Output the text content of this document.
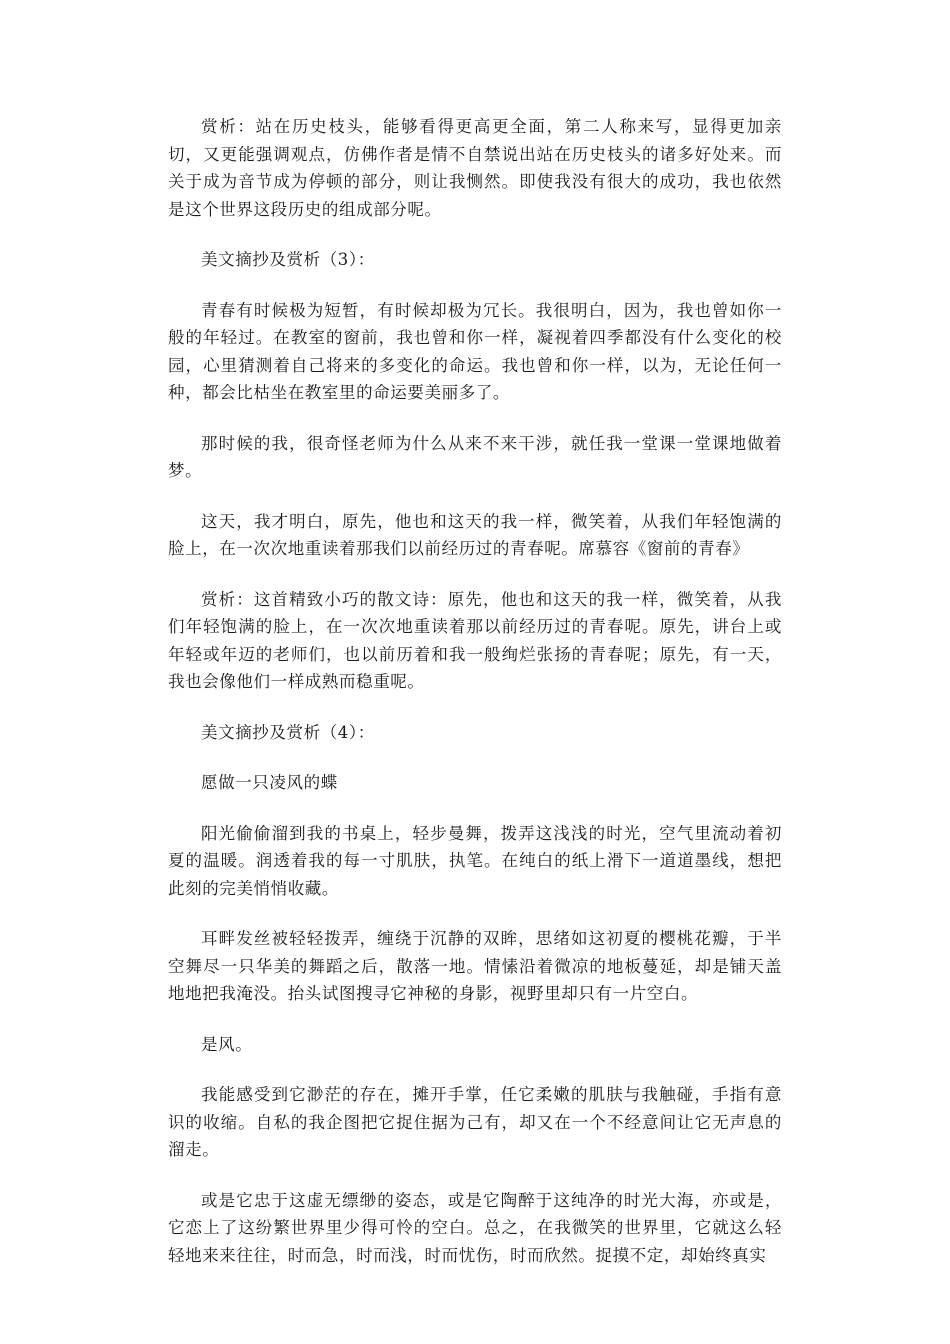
赏析：站在历史枝头，能够看得更高更全面，第二人称来写，显得更加亲切，又更能强调观点，仿佛作者是情不自禁说出站在历史枝头的诸多好处来。而关于成为音节成为停顿的部分，则让我恻然。即使我没有很大的成功，我也依然是这个世界这段历史的组成部分呢。

美文摘抄及赏析（3）：

青春有时候极为短暂，有时候却极为冗长。我很明白，因为，我也曾如你一般的年轻过。在教室的窗前，我也曾和你一样，凝视着四季都没有什么变化的校园，心里猜测着自己将来的多变化的命运。我也曾和你一样，以为，无论任何一种，都会比枯坐在教室里的命运要美丽多了。

那时候的我，很奇怪老师为什么从来不来干涉，就任我一堂课一堂课地做着梦。

这天，我才明白，原先，他也和这天的我一样，微笑着，从我们年轻饱满的脸上，在一次次地重读着那我们以前经历过的青春呢。席慕容《窗前的青春》

赏析：这首精致小巧的散文诗：原先，他也和这天的我一样，微笑着，从我们年轻饱满的脸上，在一次次地重读着那以前经历过的青春呢。原先，讲台上或年轻或年迈的老师们，也以前历着和我一般绚烂张扬的青春呢；原先，有一天，我也会像他们一样成熟而稳重呢。

美文摘抄及赏析（4）：

愿做一只凌风的蝶

阳光偷偷溜到我的书桌上，轻步曼舞，拨弄这浅浅的时光，空气里流动着初夏的温暖。润透着我的每一寸肌肤，执笔。在纯白的纸上滑下一道道墨线，想把此刻的完美悄悄收藏。

耳畔发丝被轻轻拨弄，缠绕于沉静的双眸，思绪如这初夏的樱桃花瓣，于半空舞尽一只华美的舞蹈之后，散落一地。情愫沿着微凉的地板蔓延，却是铺天盖地地把我淹没。抬头试图搜寻它神秘的身影，视野里却只有一片空白。

是风。

我能感受到它渺茫的存在，摊开手掌，任它柔嫩的肌肤与我触碰，手指有意识的收缩。自私的我企图把它捉住据为己有，却又在一个不经意间让它无声息的溜走。

或是它忠于这虚无缥缈的姿态，或是它陶醉于这纯净的时光大海，亦或是，它恋上了这纷繁世界里少得可怜的空白。总之，在我微笑的世界里，它就这么轻轻地来来往往，时而急，时而浅，时而忧伤，时而欣然。捉摸不定，却始终真实
